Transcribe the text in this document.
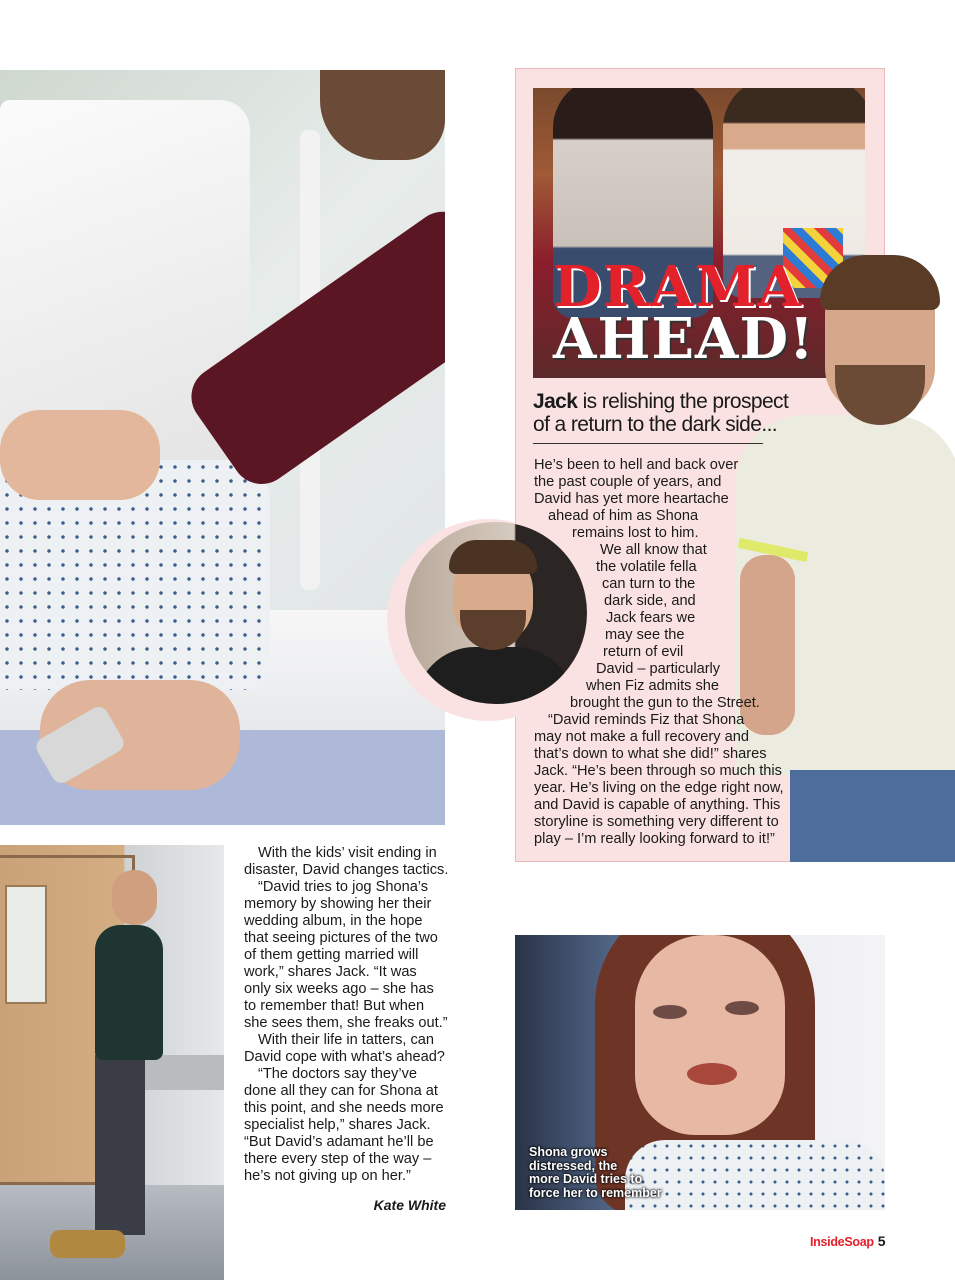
DRAMA
AHEAD!
Jack is relishing the prospect
of a return to the dark side...
He’s been to hell and back over
the past couple of years, and
David has yet more heartache
ahead of him as Shona
remains lost to him.
We all know that
the volatile fella
can turn to the
dark side, and
Jack fears we
may see the
return of evil
David – particularly
when Fiz admits she
brought the gun to the Street.
“David reminds Fiz that Shona
may not make a full recovery and
that’s down to what she did!” shares
Jack. “He’s been through so much this
year. He’s living on the edge right now,
and David is capable of anything. This
storyline is something very different to
play – I’m really looking forward to it!”
With the kids’ visit ending in
disaster, David changes tactics.
“David tries to jog Shona’s
memory by showing her their
wedding album, in the hope
that seeing pictures of the two
of them getting married will
work,” shares Jack. “It was
only six weeks ago – she has
to remember that! But when
she sees them, she freaks out.”
With their life in tatters, can
David cope with what’s ahead?
“The doctors say they’ve
done all they can for Shona at
this point, and she needs more
specialist help,” shares Jack.
“But David’s adamant he’ll be
there every step of the way –
he’s not giving up on her.”
Kate White
Shona grows
distressed, the
more David tries to
force her to remember
InsideSoap 5
